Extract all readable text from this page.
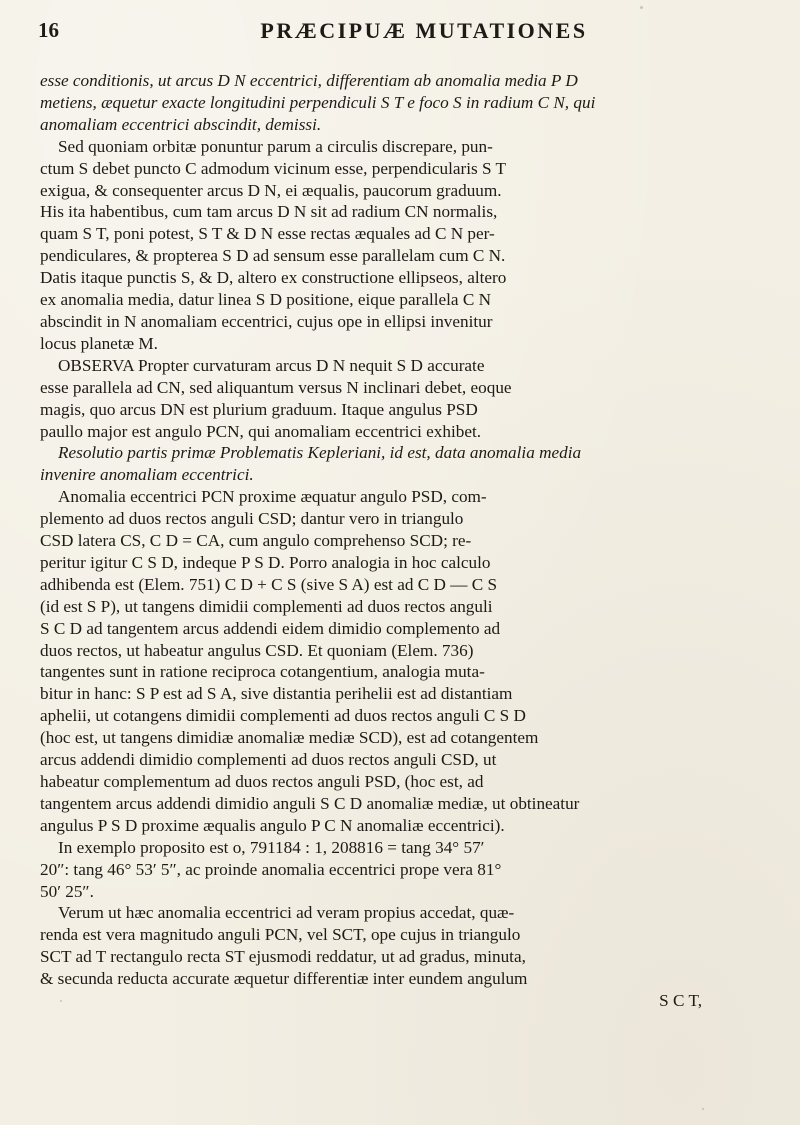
16	PRÆCIPUÆ MUTATIONES
esse conditionis, ut arcus D N eccentrici, differentiam ab anomalia media P D
metiens, æquetur exacte longitudini perpendiculi S T e foco S in radium C N, qui
anomaliam eccentrici abscindit, demissi.
Sed quoniam orbitæ ponuntur parum a circulis discrepare, pun-
ctum S debet puncto C admodum vicinum esse, perpendicularis S T
exigua, & consequenter arcus D N, ei æqualis, paucorum graduum.
His ita habentibus, cum tam arcus D N sit ad radium CN normalis,
quam S T, poni potest, S T & D N esse rectas æquales ad C N per-
pendiculares, & propterea S D ad sensum esse parallelam cum C N.
Datis itaque punctis S, & D, altero ex constructione ellipseos, altero
ex anomalia media, datur linea S D positione, eique parallela C N
abscindit in N anomaliam eccentrici, cujus ope in ellipsi invenitur
locus planetæ M.
OBSERVA Propter curvaturam arcus D N nequit S D accurate
esse parallela ad CN, sed aliquantum versus N inclinari debet, eoque
magis, quo arcus DN est plurium graduum. Itaque angulus PSD
paullo major est angulo PCN, qui anomaliam eccentrici exhibet.
Resolutio partis primæ Problematis Kepleriani, id est, data anomalia media
invenire anomaliam eccentrici.
Anomalia eccentrici PCN proxime æquatur angulo PSD, com-
plemento ad duos rectos anguli CSD; dantur vero in triangulo
CSD latera CS, C D = CA, cum angulo comprehenso SCD; re-
peritur igitur C S D, indeque P S D. Porro analogia in hoc calculo
adhibenda est (Elem. 751) C D + C S (sive S A) est ad C D — C S
(id est S P), ut tangens dimidii complementi ad duos rectos anguli
S C D ad tangentem arcus addendi eidem dimidio complemento ad
duos rectos, ut habeatur angulus CSD. Et quoniam (Elem. 736)
tangentes sunt in ratione reciproca cotangentium, analogia muta-
bitur in hanc: S P est ad S A, sive distantia perihelii est ad distantiam
aphelii, ut cotangens dimidii complementi ad duos rectos anguli C S D
(hoc est, ut tangens dimidiæ anomaliæ mediæ SCD), est ad cotangentem
arcus addendi dimidio complementi ad duos rectos anguli CSD, ut
habeatur complementum ad duos rectos anguli PSD, (hoc est, ad
tangentem arcus addendi dimidio anguli S C D anomaliæ mediæ, ut obtineatur
angulus P S D proxime æqualis angulo P C N anomaliæ eccentrici).
In exemplo proposito est o, 791184 : 1, 208816 = tang 34° 57′
20″: tang 46° 53′ 5″, ac proinde anomalia eccentrici prope vera 81°
50′ 25″.
Verum ut hæc anomalia eccentrici ad veram propius accedat, quæ-
renda est vera magnitudo anguli PCN, vel SCT, ope cujus in triangulo
SCT ad T rectangulo recta ST ejusmodi reddatur, ut ad gradus, minuta,
& secunda reducta accurate æquetur differentiæ inter eundem angulum
S C T,
